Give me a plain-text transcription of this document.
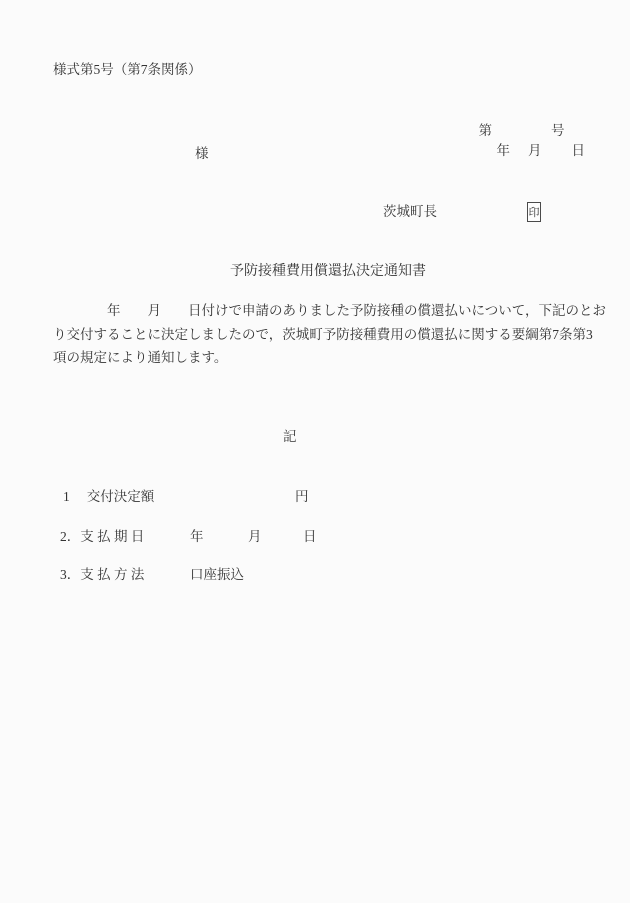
様式第5号（第7条関係）

第	号

年 月 日

様
茨城町長	印
予防接種費用償還払決定通知書
　　　　年　　月　　日付けで申請のありました予防接種の償還払いについて，下記のとお
り交付することに決定しましたので，茨城町予防接種費用の償還払に関する要綱第7条第3
項の規定により通知します。
記
1 交付決定額	円
2．支 払 期 日	年	月	日
3．支 払 方 法	口座振込
